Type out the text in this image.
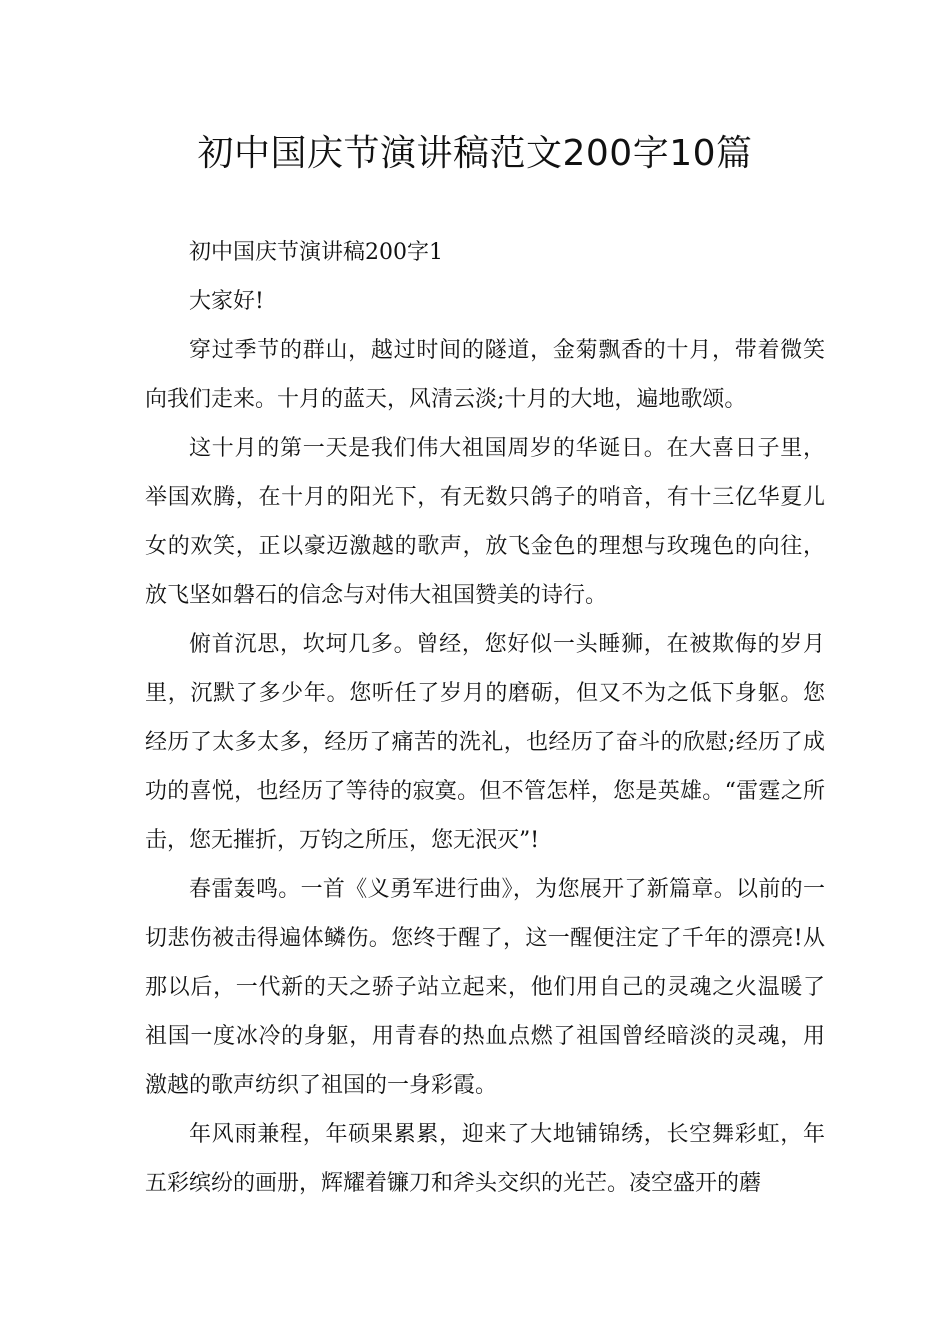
初中国庆节演讲稿范文200字10篇

初中国庆节演讲稿200字1

大家好!

穿过季节的群山，越过时间的隧道，金菊飘香的十月，带着微笑向我们走来。十月的蓝天，风清云淡;十月的大地，遍地歌颂。

这十月的第一天是我们伟大祖国周岁的华诞日。在大喜日子里，举国欢腾，在十月的阳光下，有无数只鸽子的哨音，有十三亿华夏儿女的欢笑，正以豪迈激越的歌声，放飞金色的理想与玫瑰色的向往，放飞坚如磐石的信念与对伟大祖国赞美的诗行。

俯首沉思，坎坷几多。曾经，您好似一头睡狮，在被欺侮的岁月里，沉默了多少年。您听任了岁月的磨砺，但又不为之低下身躯。您经历了太多太多，经历了痛苦的洗礼，也经历了奋斗的欣慰;经历了成功的喜悦，也经历了等待的寂寞。但不管怎样，您是英雄。“雷霆之所击，您无摧折，万钧之所压，您无泯灭”!

春雷轰鸣。一首《义勇军进行曲》，为您展开了新篇章。以前的一切悲伤被击得遍体鳞伤。您终于醒了，这一醒便注定了千年的漂亮!从那以后，一代新的天之骄子站立起来，他们用自己的灵魂之火温暖了祖国一度冰冷的身躯，用青春的热血点燃了祖国曾经暗淡的灵魂，用激越的歌声纺织了祖国的一身彩霞。

年风雨兼程，年硕果累累，迎来了大地铺锦绣，长空舞彩虹，年五彩缤纷的画册，辉耀着镰刀和斧头交织的光芒。凌空盛开的蘑
